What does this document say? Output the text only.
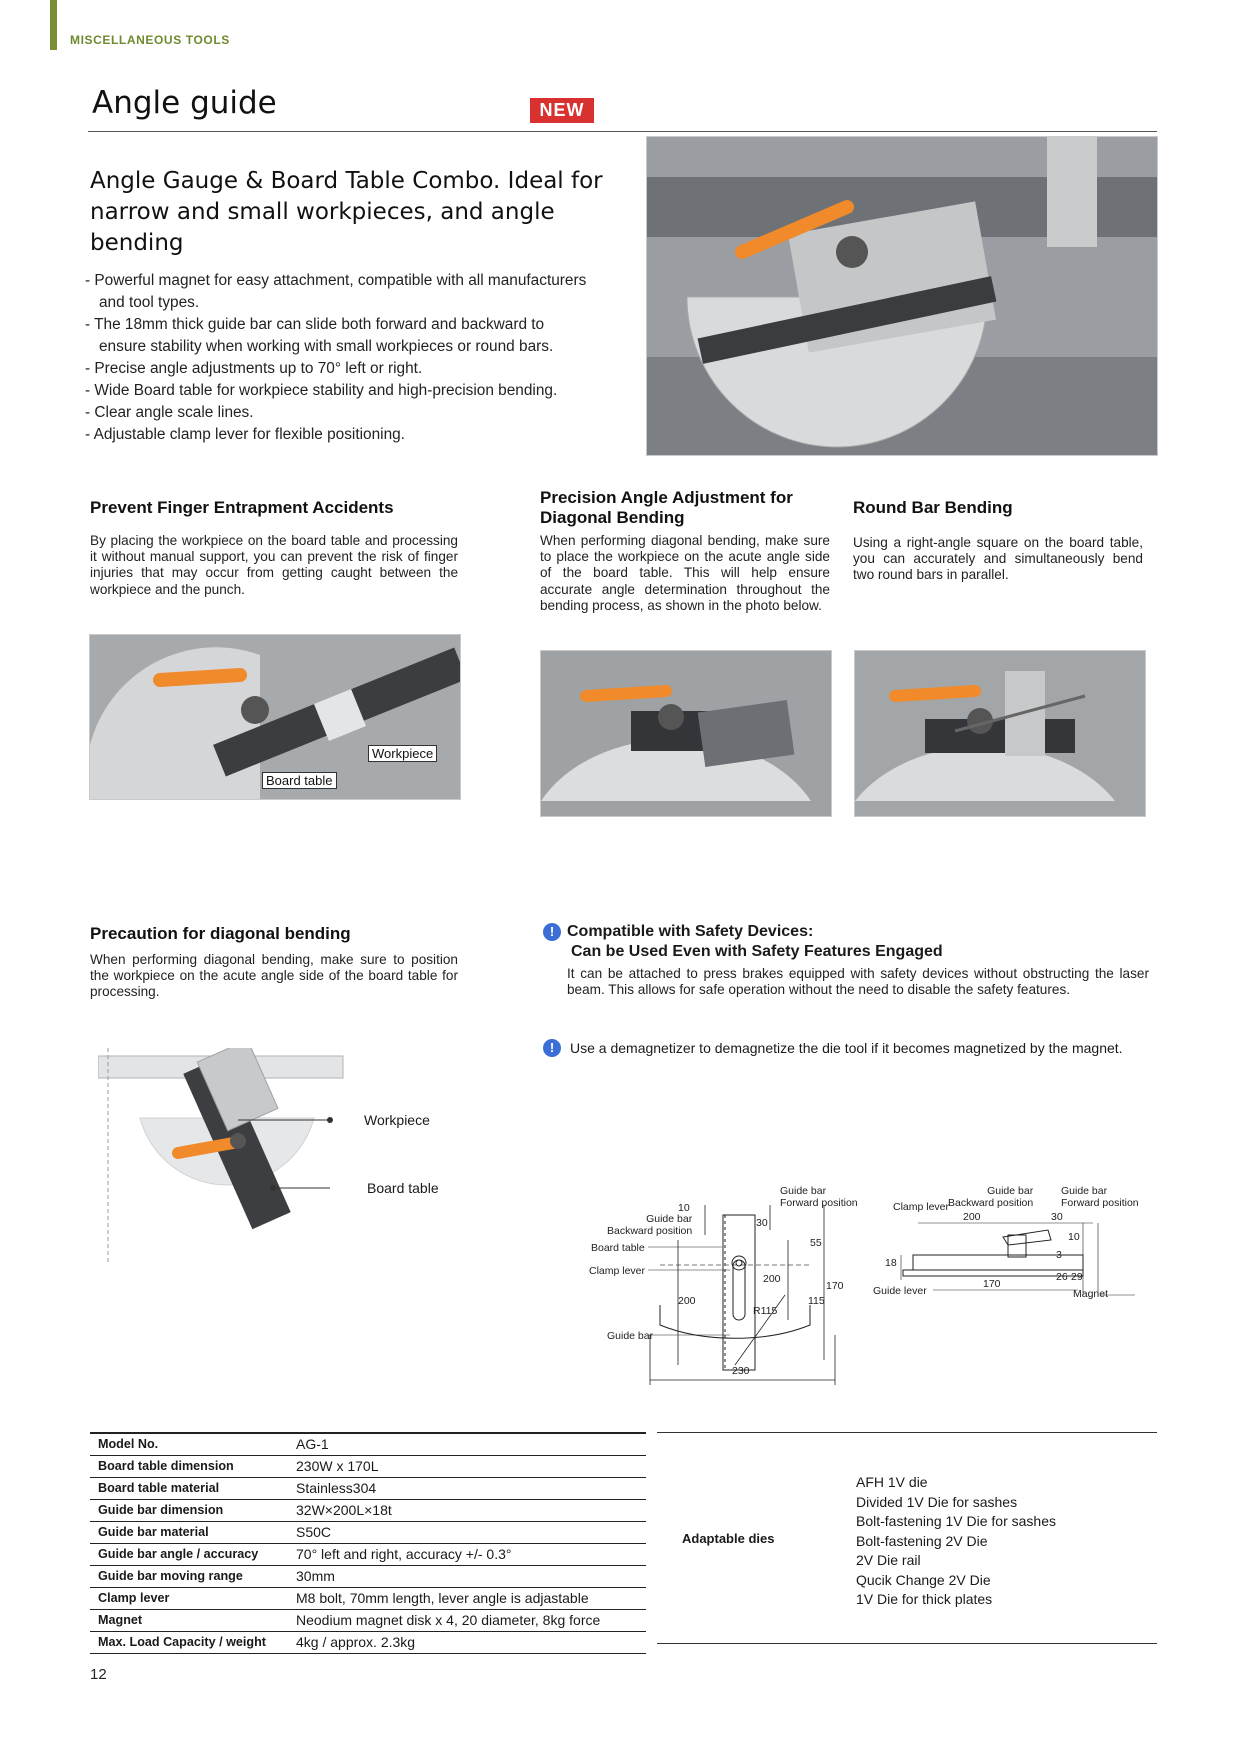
MISCELLANEOUS TOOLS
Angle guide	NEW
Angle Gauge & Board Table Combo. Ideal for narrow and small workpieces, and angle bending
- Powerful magnet for easy attachment, compatible with all manufacturers and tool types.
- The 18mm thick guide bar can slide both forward and backward to ensure stability when working with small workpieces or round bars.
- Precise angle adjustments up to 70° left or right.
- Wide Board table for workpiece stability and high-precision bending.
- Clear angle scale lines.
- Adjustable clamp lever for flexible positioning.
Prevent Finger Entrapment Accidents
By placing the workpiece on the board table and processing it without manual support, you can prevent the risk of finger injuries that may occur from getting caught between the workpiece and the punch.
Precision Angle Adjustment for Diagonal Bending
When performing diagonal bending, make sure to place the workpiece on the acute angle side of the board table. This will help ensure accurate angle determination throughout the bending process, as shown in the photo below.
Round Bar Bending
Using a right-angle square on the board table, you can accurately and simultaneously bend two round bars in parallel.
Workpiece
Board table
Precaution for diagonal bending
When performing diagonal bending, make sure to position the workpiece on the acute angle side of the board table for processing.
Workpiece
Board table
! Compatible with Safety Devices:
Can be Used Even with Safety Features Engaged
It can be attached to press brakes equipped with safety devices without obstructing the laser beam. This allows for safe operation without the need to disable the safety features.
!	Use a demagnetizer to demagnetize the die tool if it becomes magnetized by the magnet.
Guide bar
Backward position
Guide bar
Forward position
Board table
Clamp lever
Guide bar
10
30
55
200
200
R115
115
170
230
Guide bar
Backward position
Guide bar
Forward position
Clamp lever
Guide lever	Magnet
200	30
10
18
3
26 29
170
Model No.	AG-1
Board table dimension	230W x 170L
Board table material	Stainless304
Guide bar dimension	32W×200L×18t
Guide bar material	S50C
Guide bar angle / accuracy	70° left and right, accuracy +/- 0.3°
Guide bar moving range	30mm
Clamp lever	M8 bolt, 70mm length, lever angle is adjastable
Magnet	Neodium magnet disk x 4, 20 diameter, 8kg force
Max. Load Capacity / weight	4kg / approx. 2.3kg
Adaptable dies
AFH 1V die
Divided 1V Die for sashes
Bolt-fastening 1V Die for sashes
Bolt-fastening 2V Die
2V Die rail
Qucik Change 2V Die
1V Die for thick plates
12
